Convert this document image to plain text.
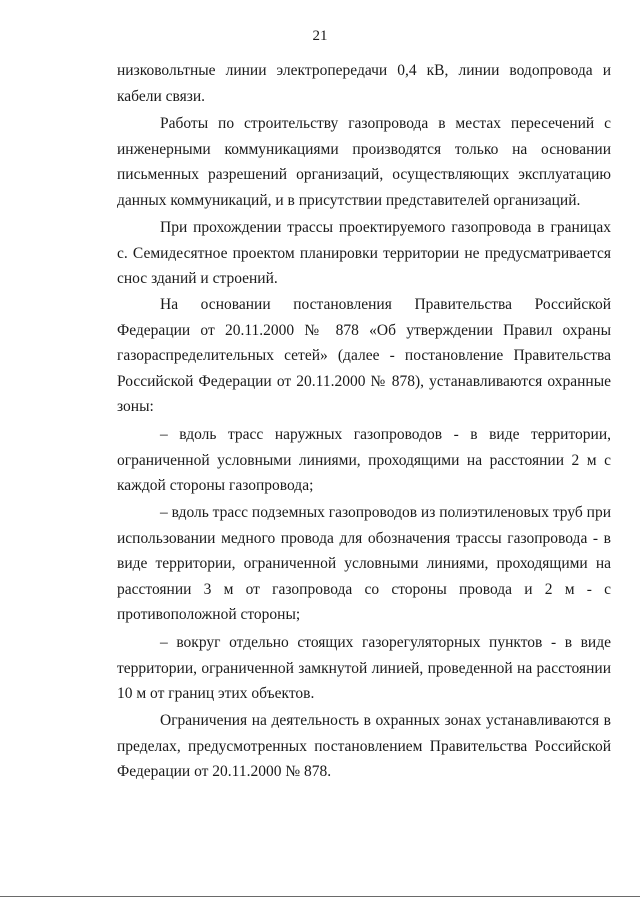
21

низковольтные линии электропередачи 0,4 кВ, линии водопровода и кабели связи.

Работы по строительству газопровода в местах пересечений с инженерными коммуникациями производятся только на основании письменных разрешений организаций, осуществляющих эксплуатацию данных коммуникаций, и в присутствии представителей организаций.

При прохождении трассы проектируемого газопровода в границах с. Семидесятное проектом планировки территории не предусматривается снос зданий и строений.

На основании постановления Правительства Российской Федерации от 20.11.2000 № 878 «Об утверждении Правил охраны газораспределительных сетей» (далее - постановление Правительства Российской Федерации от 20.11.2000 № 878), устанавливаются охранные зоны:

– вдоль трасс наружных газопроводов - в виде территории, ограниченной условными линиями, проходящими на расстоянии 2 м с каждой стороны газопровода;

– вдоль трасс подземных газопроводов из полиэтиленовых труб при использовании медного провода для обозначения трассы газопровода - в виде территории, ограниченной условными линиями, проходящими на расстоянии 3 м от газопровода со стороны провода и 2 м - с противоположной стороны;

– вокруг отдельно стоящих газорегуляторных пунктов - в виде территории, ограниченной замкнутой линией, проведенной на расстоянии 10 м от границ этих объектов.

Ограничения на деятельность в охранных зонах устанавливаются в пределах, предусмотренных постановлением Правительства Российской Федерации от 20.11.2000 № 878.
